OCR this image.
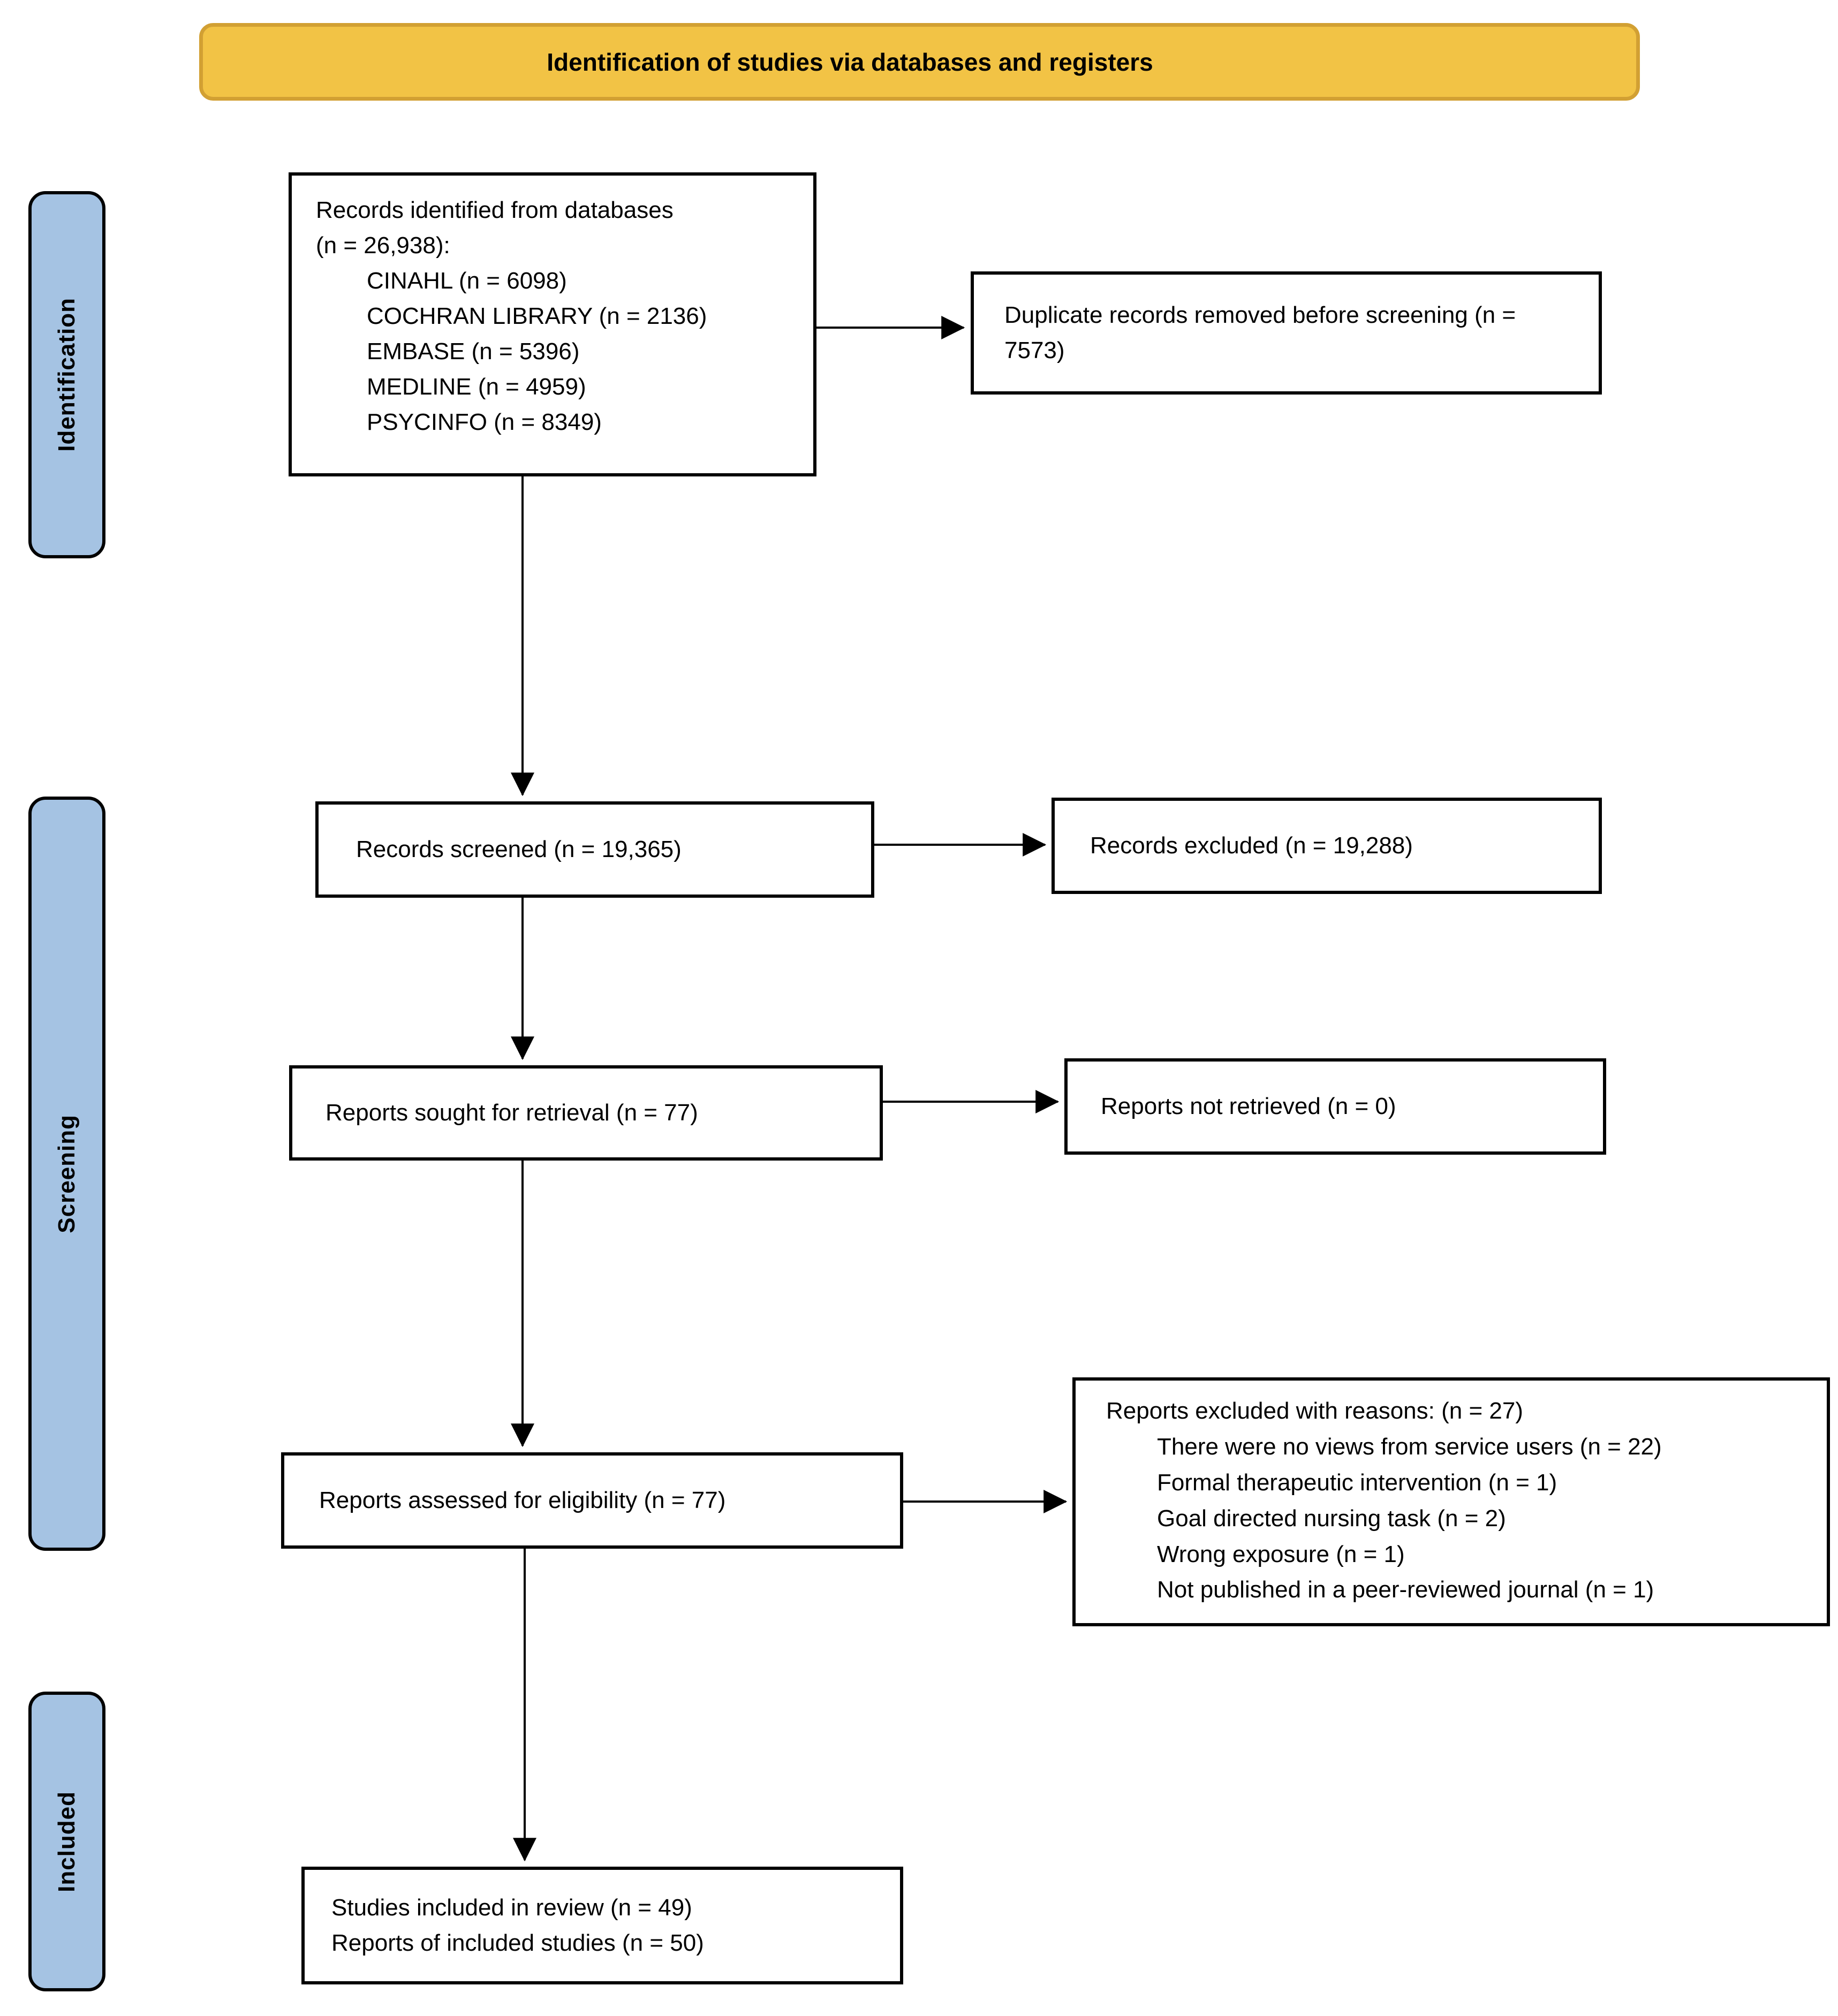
Identification of studies via databases and registers
Identification
Screening
Included
Records identified from databases
(n = 26,938):
CINAHL (n = 6098)
COCHRAN LIBRARY (n = 2136)
EMBASE (n = 5396)
MEDLINE (n = 4959)
PSYCINFO (n = 8349)
Duplicate records removed before screening (n = 7573)
Records screened (n = 19,365)	Records excluded (n = 19,288)
Reports sought for retrieval (n = 77)	Reports not retrieved (n = 0)
Reports assessed for eligibility (n = 77)
Reports excluded with reasons: (n = 27)
There were no views from service users (n = 22)
Formal therapeutic intervention (n = 1)
Goal directed nursing task (n = 2)
Wrong exposure (n = 1)
Not published in a peer-reviewed journal (n = 1)
Studies included in review (n = 49)
Reports of included studies (n = 50)
